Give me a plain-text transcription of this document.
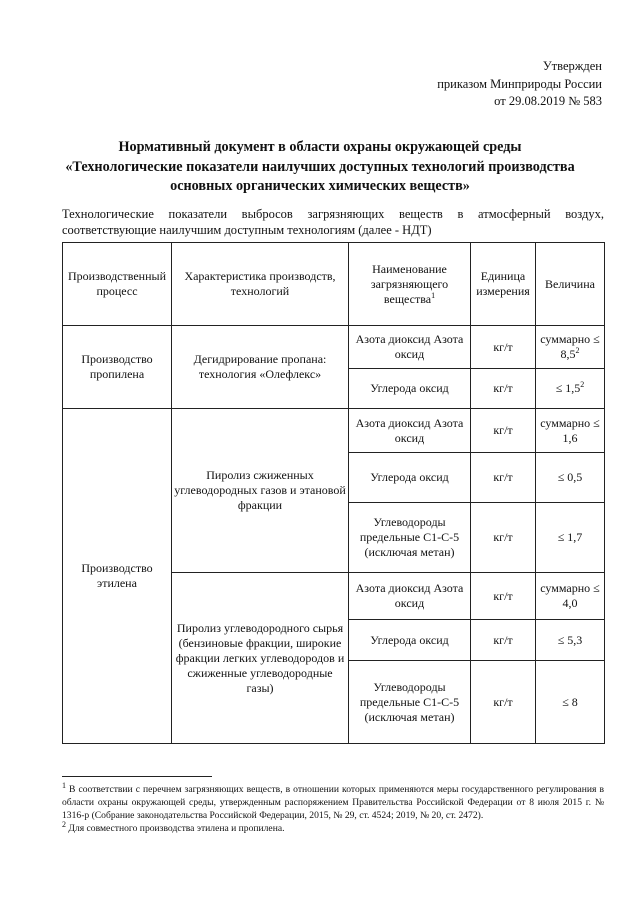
Утвержден
приказом Минприроды России
от 29.08.2019 № 583
Нормативный документ в области охраны окружающей среды
«Технологические показатели наилучших доступных технологий производства
основных органических химических веществ»
Технологические показатели выбросов загрязняющих веществ в атмосферный воздух, соответствующие наилучшим доступным технологиям (далее - НДТ)
Производственный процесс	Характеристика производств, технологий	Наименование загрязняющего вещества$^1$	Единица измерения	Величина
Производство пропилена	Дегидрирование пропана: технология «Олефлекс»	Азота диоксид Азота оксид	кг/т	суммарно ≤ $8,5^2$
		Углерода оксид	кг/т	≤ $1,5^2$
Производство этилена	Пиролиз сжиженных углеводородных газов и этановой фракции	Азота диоксид Азота оксид	кг/т	суммарно ≤ 1,6
		Углерода оксид	кг/т	≤ 0,5
		Углеводороды предельные С1-С-5 (исключая метан)	кг/т	≤ 1,7
	Пиролиз углеводородного сырья (бензиновые фракции, широкие фракции легких углеводородов и сжиженные углеводородные газы)	Азота диоксид Азота оксид	кг/т	суммарно ≤ 4,0
		Углерода оксид	кг/т	≤ 5,3
		Углеводороды предельные С1-С-5 (исключая метан)	кг/т	≤ 8
$^1$ В соответствии с перечнем загрязняющих веществ, в отношении которых применяются меры государственного регулирования в области охраны окружающей среды, утвержденным распоряжением Правительства Российской Федерации от 8 июля 2015 г. № 1316-р (Собрание законодательства Российской Федерации, 2015, № 29, ст. 4524; 2019, № 20, ст. 2472).
$^2$ Для совместного производства этилена и пропилена.
